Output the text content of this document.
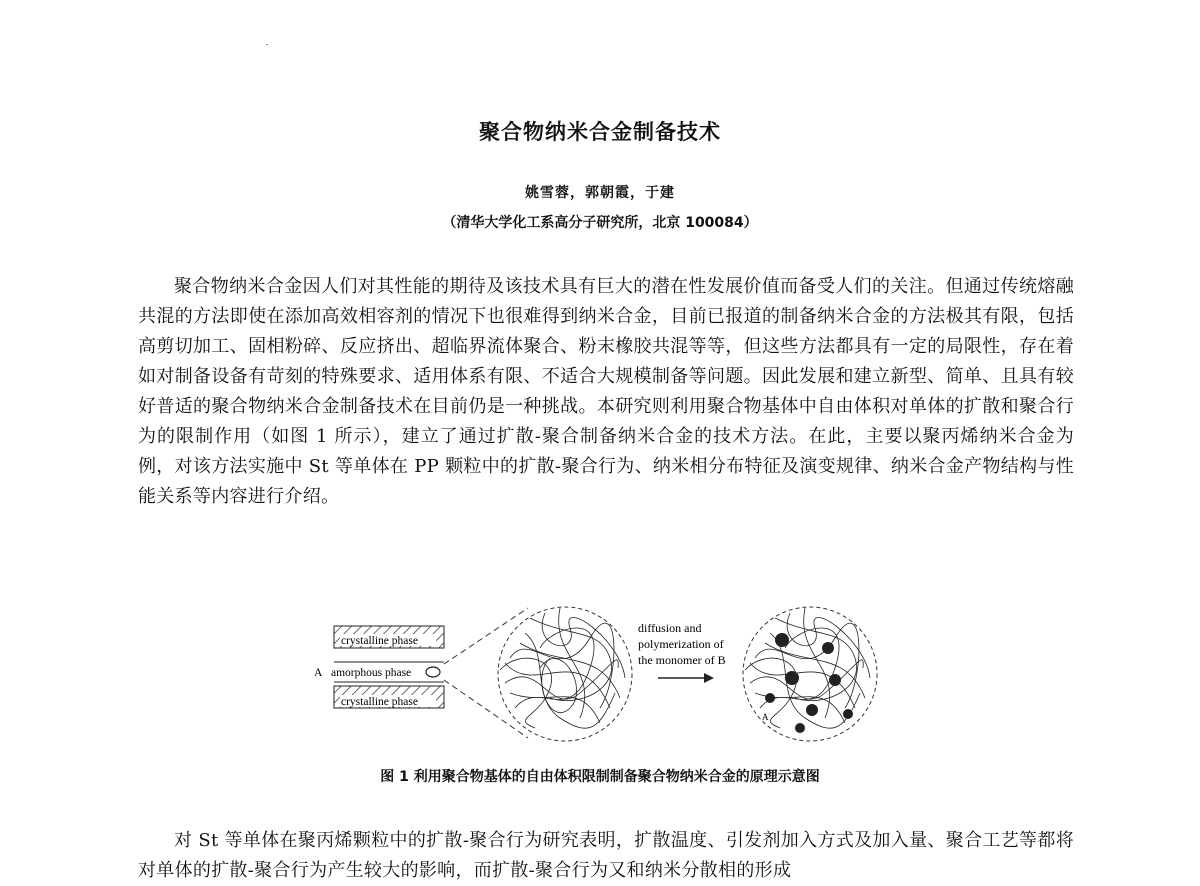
聚合物纳米合金制备技术
姚雪蓉，郭朝霞，于建
（清华大学化工系高分子研究所，北京 100084）

聚合物纳米合金因人们对其性能的期待及该技术具有巨大的潜在性发展价值而备受人们的关注。但通过传统熔融共混的方法即使在添加高效相容剂的情况下也很难得到纳米合金，目前已报道的制备纳米合金的方法极其有限，包括高剪切加工、固相粉碎、反应挤出、超临界流体聚合、粉末橡胶共混等等，但这些方法都具有一定的局限性，存在着如对制备设备有苛刻的特殊要求、适用体系有限、不适合大规模制备等问题。因此发展和建立新型、简单、且具有较好普适的聚合物纳米合金制备技术在目前仍是一种挑战。本研究则利用聚合物基体中自由体积对单体的扩散和聚合行为的限制作用（如图 1 所示），建立了通过扩散-聚合制备纳米合金的技术方法。在此，主要以聚丙烯纳米合金为例，对该方法实施中 St 等单体在 PP 颗粒中的扩散-聚合行为、纳米相分布特征及演变规律、纳米合金产物结构与性能关系等内容进行介绍。

crystalline phase
amorphous phase
crystalline phase
A
diffusion and
polymerization of
the monomer of B
A
图 1 利用聚合物基体的自由体积限制制备聚合物纳米合金的原理示意图

对 St 等单体在聚丙烯颗粒中的扩散-聚合行为研究表明，扩散温度、引发剂加入方式及加入量、聚合工艺等都将对单体的扩散-聚合行为产生较大的影响，而扩散-聚合行为又和纳米分散相的形成
